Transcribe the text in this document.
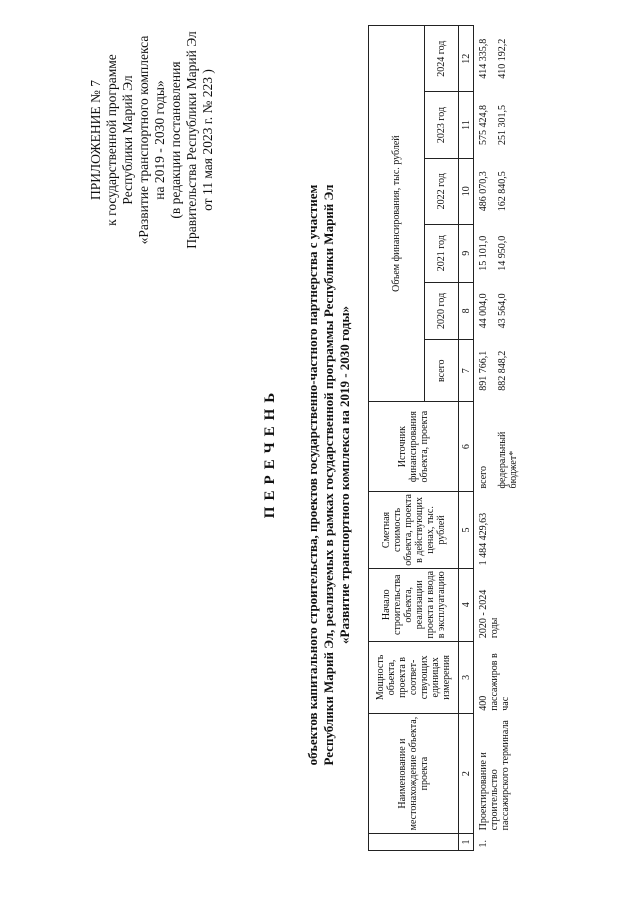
ПРИЛОЖЕНИЕ № 7 к государственной программе Республики Марий Эл «Развитие транспортного комплекса на 2019 - 2030 годы» (в редакции постановления Правительства Республики Марий Эл от 11 мая 2023 г. № 223 )
ПЕРЕЧЕНЬ объектов капитального строительства, проектов государственно-частного партнерства с участием Республики Марий Эл, реализуемых в рамках государственной программы Республики Марий Эл «Развитие транспортного комплекса на 2019 - 2030 годы»
	Наименование и местонахождение объекта, проекта	Мощность объекта, проекта в соответ-ствующих единицах измерения	Начало строительства объекта, реализации проекта и ввода в эксплуатацию	Сметная стоимость объекта, проекта в действующих ценах, тыс. рублей	Источник финансирования объекта, проекта	Объем финансирования, тыс. рублей					
						всего	2020 год	2021 год	2022 год	2023 год	2024 год
1	2	3	4	5	6	7	8	9	10	11	12
1.	Проектирование и строительство пассажирского терминала	400 пассажиров в час	2020 - 2024 годы	1 484 429,63	всего	891 766,1	44 004,0	15 101,0	486 070,3	575 424,8	414 335,8
					федеральный бюджет*	882 848,2	43 564,0	14 950,0	162 840,5	251 301,5	410 192,2
